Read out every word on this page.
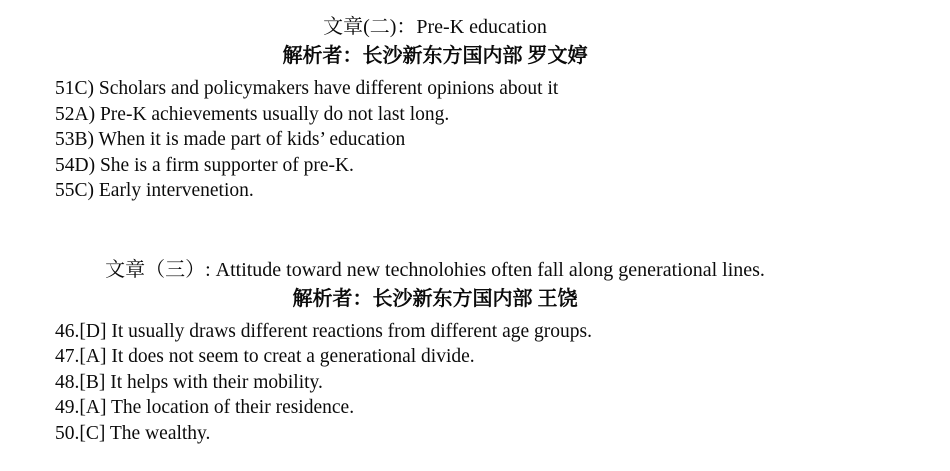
文章(二)：Pre-K education
解析者：长沙新东方国内部 罗文婷
51C) Scholars and policymakers have different opinions about it
52A) Pre-K achievements usually do not last long.
53B) When it is made part of kids’ education
54D) She is a firm supporter of pre-K.
55C) Early intervenetion.
文章（三）: Attitude toward new technolohies often fall along generational lines.
解析者：长沙新东方国内部 王饶
46.[D] It usually draws different reactions from different age groups.
47.[A] It does not seem to creat a generational divide.
48.[B] It helps with their mobility.
49.[A] The location of their residence.
50.[C] The wealthy.
